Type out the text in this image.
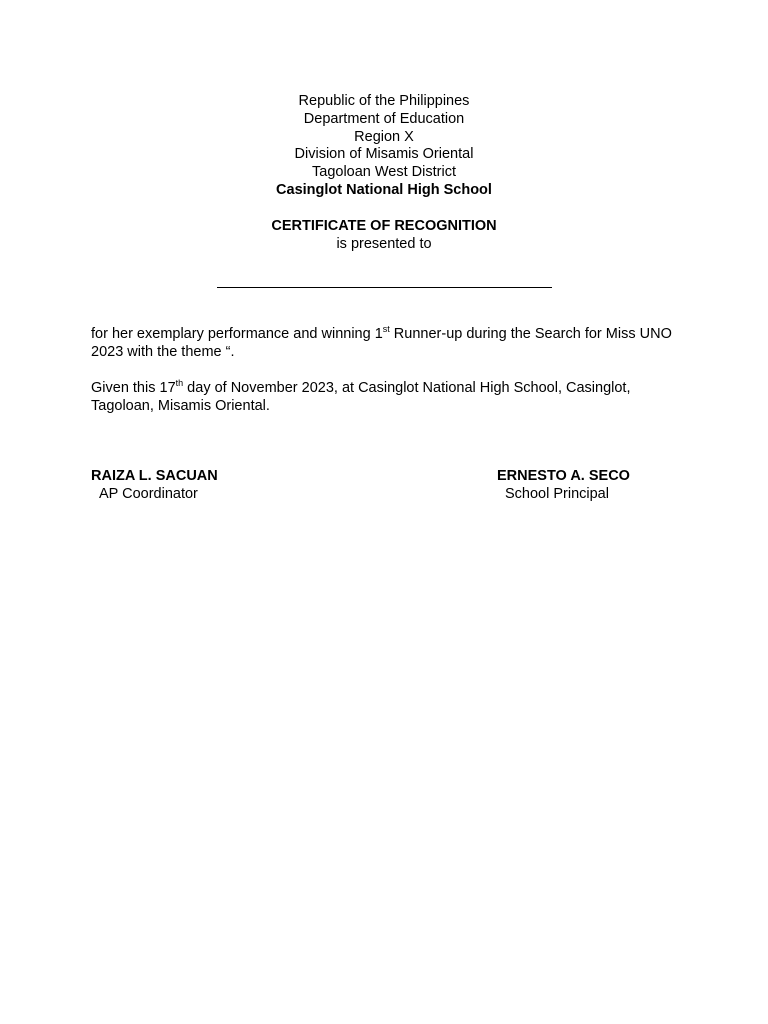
Republic of the Philippines
Department of Education
Region X
Division of Misamis Oriental
Tagoloan West District
Casinglot National High School
CERTIFICATE OF RECOGNITION
is presented to
for her exemplary performance and winning 1st Runner-up during the Search for Miss UNO 2023 with the theme “.
Given this 17th day of November 2023, at Casinglot National High School, Casinglot, Tagoloan, Misamis Oriental.
RAIZA L. SACUAN
AP Coordinator
ERNESTO A. SECO
School Principal
